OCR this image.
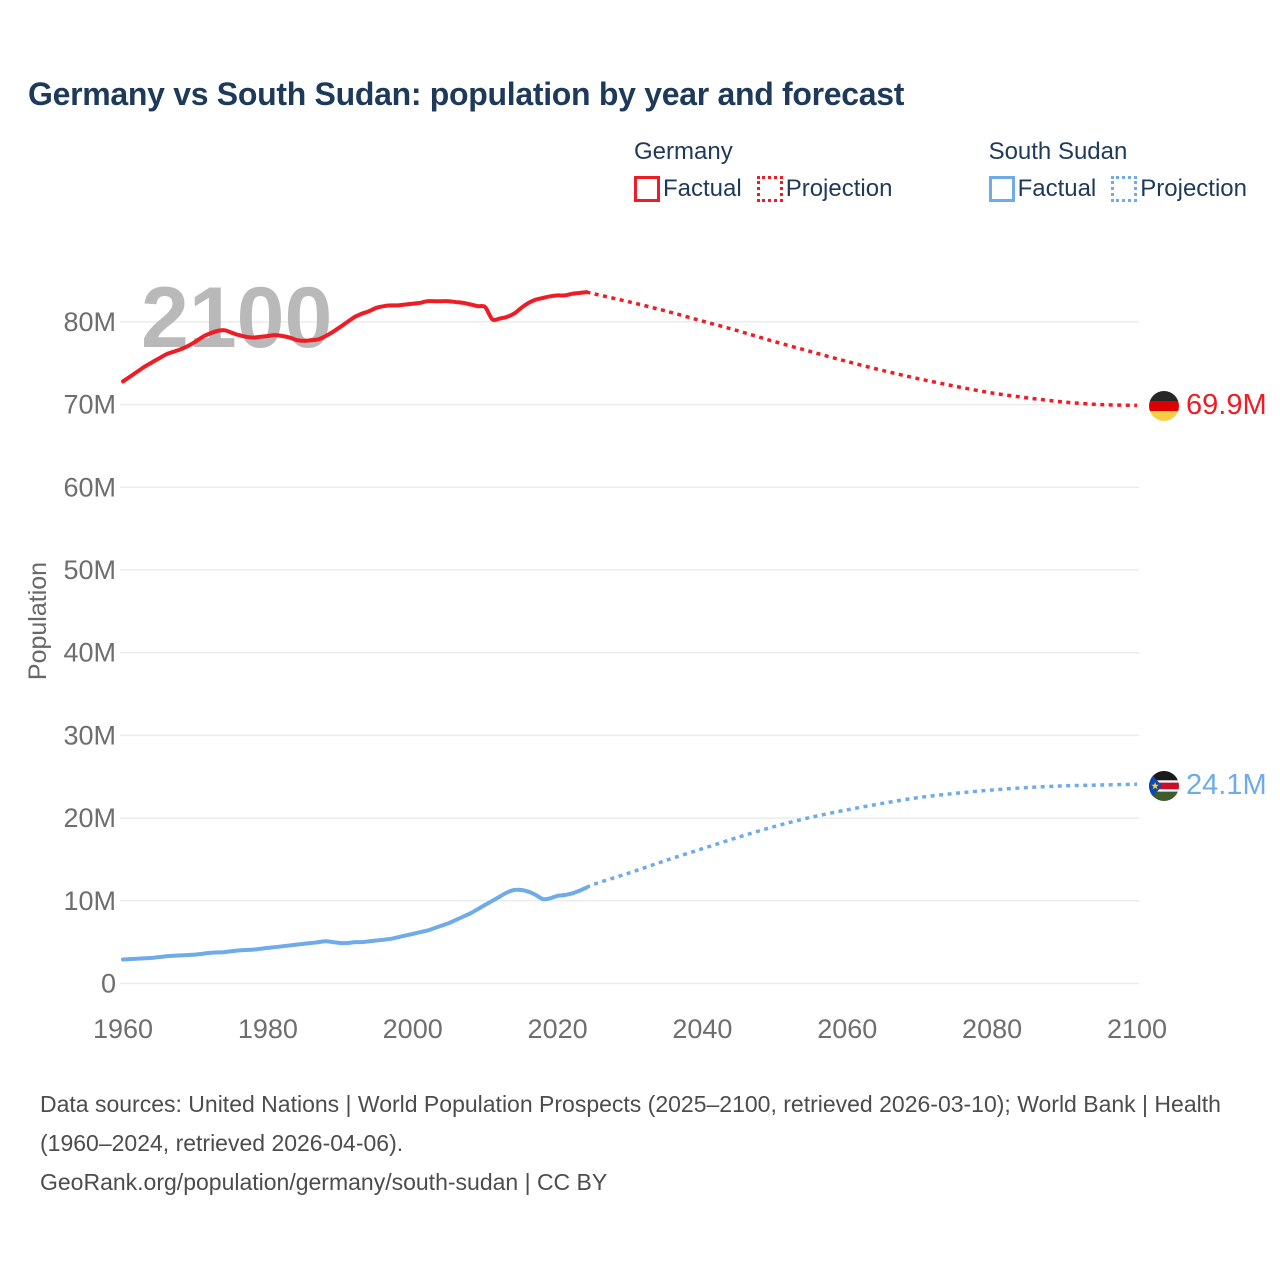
Germany vs South Sudan: population by year and forecast
Germany
Factual Projection
South Sudan
Factual Projection
0
10M
20M
30M
40M
50M
60M
70M
80M
1960	1980	2000	2020	2040	2060	2080	2100
Population
2100
69.9M
24.1M

Data sources: United Nations | World Population Prospects (2025–2100, retrieved 2026-03-10); World Bank | Health (1960–2024, retrieved 2026-04-06).

GeoRank.org/population/germany/south-sudan | CC BY
